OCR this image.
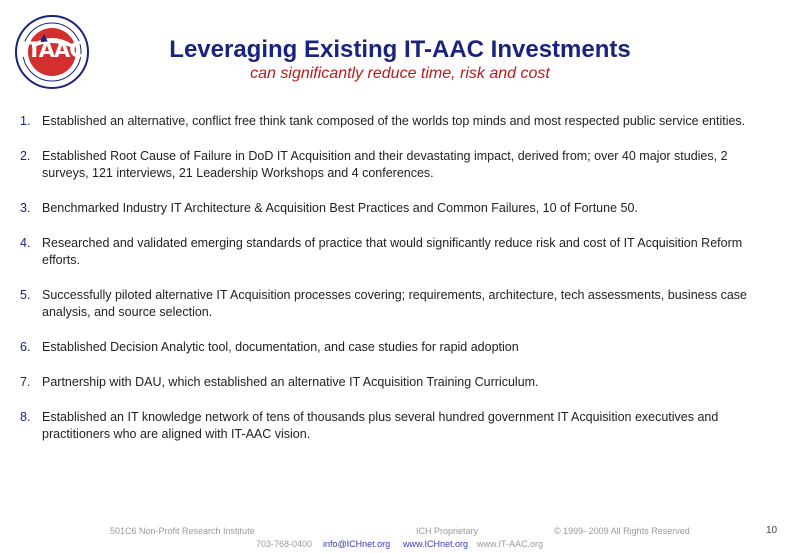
ITAAC	Leveraging Existing IT-AAC Investments
can significantly reduce time, risk and cost
1 . Established an alternative, conflict free think tank composed of the worlds top minds and most respected public service entities.
2 . Established Root Cause of Failure in DoD IT Acquisition and their devastating impact, derived from; over 40 major studies, 2 surveys, 121 interviews, 21 Leadership Workshops and 4 conferences.
3 . Benchmarked Industry IT Architecture & Acquisition Best Practices and Common Failures, 10 of Fortune 50.
4 . Researched and validated emerging standards of practice that would significantly reduce risk and cost of IT Acquisition Reform efforts.
5 . Successfully piloted alternative IT Acquisition processes covering; requirements, architecture, tech assessments, business case analysis, and source selection.
6 . Established Decision Analytic tool, documentation, and case studies for rapid adoption
7 . Partnership with DAU, which established an alternative IT Acquisition Training Curriculum.
8 . Established an IT knowledge network of tens of thousands plus several hundred government IT Acquisition executives and practitioners who are aligned with IT-AAC vision.
501C6 Non-Profit Research Institute	ICH Proprietary	© 1999- 2009 All Rights Reserved	10
703-768-0400 info@ICHnet.org www.ICHnet.org www.IT-AAC.org
